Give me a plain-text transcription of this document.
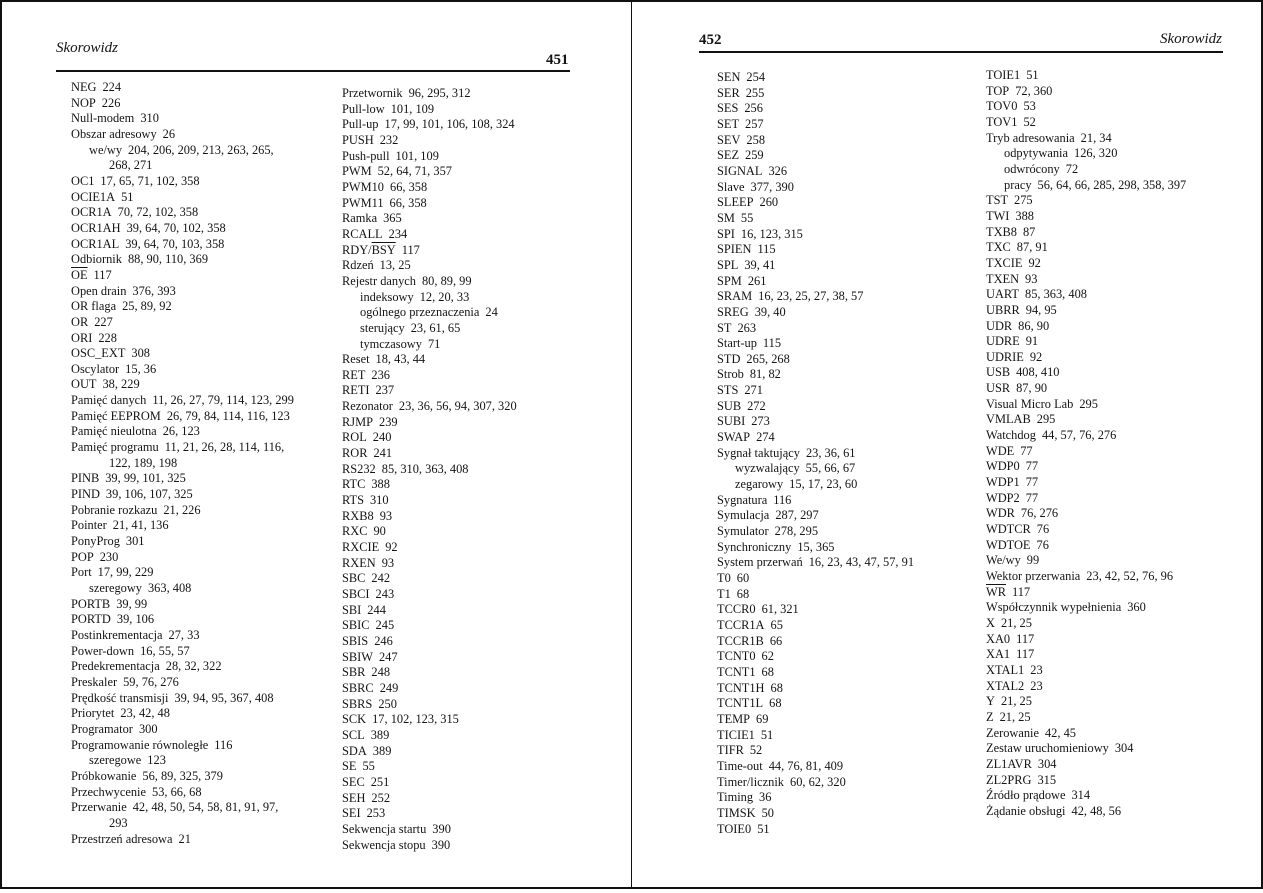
Skorowidz
451
NEG 224
NOP 226
Null-modem 310
Obszar adresowy 26
we/wy 204, 206, 209, 213, 263, 265,
268, 271
OC1 17, 65, 71, 102, 358
OCIE1A 51
OCR1A 70, 72, 102, 358
OCR1AH 39, 64, 70, 102, 358
OCR1AL 39, 64, 70, 103, 358
Odbiornik 88, 90, 110, 369
$\overline{OE}$ 117
Open drain 376, 393
OR flaga 25, 89, 92
OR 227
ORI 228
OSC_EXT 308
Oscylator 15, 36
OUT 38, 229
Pamięć danych 11, 26, 27, 79, 114, 123, 299
Pamięć EEPROM 26, 79, 84, 114, 116, 123
Pamięć nieulotna 26, 123
Pamięć programu 11, 21, 26, 28, 114, 116,
122, 189, 198
PINB 39, 99, 101, 325
PIND 39, 106, 107, 325
Pobranie rozkazu 21, 226
Pointer 21, 41, 136
PonyProg 301
POP 230
Port 17, 99, 229
szeregowy 363, 408
PORTB 39, 99
PORTD 39, 106
Postinkrementacja 27, 33
Power-down 16, 55, 57
Predekrementacja 28, 32, 322
Preskaler 59, 76, 276
Prędkość transmisji 39, 94, 95, 367, 408
Priorytet 23, 42, 48
Programator 300
Programowanie równoległe 116
szeregowe 123
Próbkowanie 56, 89, 325, 379
Przechwycenie 53, 66, 68
Przerwanie 42, 48, 50, 54, 58, 81, 91, 97,
293
Przestrzeń adresowa 21
Przetwornik 96, 295, 312
Pull-low 101, 109
Pull-up 17, 99, 101, 106, 108, 324
PUSH 232
Push-pull 101, 109
PWM 52, 64, 71, 357
PWM10 66, 358
PWM11 66, 358
Ramka 365
RCALL 234
RDY/$\overline{BSY}$ 117
Rdzeń 13, 25
Rejestr danych 80, 89, 99
indeksowy 12, 20, 33
ogólnego przeznaczenia 24
sterujący 23, 61, 65
tymczasowy 71
Reset 18, 43, 44
RET 236
RETI 237
Rezonator 23, 36, 56, 94, 307, 320
RJMP 239
ROL 240
ROR 241
RS232 85, 310, 363, 408
RTC 388
RTS 310
RXB8 93
RXC 90
RXCIE 92
RXEN 93
SBC 242
SBCI 243
SBI 244
SBIC 245
SBIS 246
SBIW 247
SBR 248
SBRC 249
SBRS 250
SCK 17, 102, 123, 315
SCL 389
SDA 389
SE 55
SEC 251
SEH 252
SEI 253
Sekwencja startu 390
Sekwencja stopu 390
452	Skorowidz
SEN 254
SER 255
SES 256
SET 257
SEV 258
SEZ 259
SIGNAL 326
Slave 377, 390
SLEEP 260
SM 55
SPI 16, 123, 315
SPIEN 115
SPL 39, 41
SPM 261
SRAM 16, 23, 25, 27, 38, 57
SREG 39, 40
ST 263
Start-up 115
STD 265, 268
Strob 81, 82
STS 271
SUB 272
SUBI 273
SWAP 274
Sygnał taktujący 23, 36, 61
wyzwalający 55, 66, 67
zegarowy 15, 17, 23, 60
Sygnatura 116
Symulacja 287, 297
Symulator 278, 295
Synchroniczny 15, 365
System przerwań 16, 23, 43, 47, 57, 91
T0 60
T1 68
TCCR0 61, 321
TCCR1A 65
TCCR1B 66
TCNT0 62
TCNT1 68
TCNT1H 68
TCNT1L 68
TEMP 69
TICIE1 51
TIFR 52
Time-out 44, 76, 81, 409
Timer/licznik 60, 62, 320
Timing 36
TIMSK 50
TOIE0 51
TOIE1 51
TOP 72, 360
TOV0 53
TOV1 52
Tryb adresowania 21, 34
odpytywania 126, 320
odwrócony 72
pracy 56, 64, 66, 285, 298, 358, 397
TST 275
TWI 388
TXB8 87
TXC 87, 91
TXCIE 92
TXEN 93
UART 85, 363, 408
UBRR 94, 95
UDR 86, 90
UDRE 91
UDRIE 92
USB 408, 410
USR 87, 90
Visual Micro Lab 295
VMLAB 295
Watchdog 44, 57, 76, 276
WDE 77
WDP0 77
WDP1 77
WDP2 77
WDR 76, 276
WDTCR 76
WDTOE 76
We/wy 99
Wektor przerwania 23, 42, 52, 76, 96
$\overline{WR}$ 117
Współczynnik wypełnienia 360
X 21, 25
XA0 117
XA1 117
XTAL1 23
XTAL2 23
Y 21, 25
Z 21, 25
Zerowanie 42, 45
Zestaw uruchomieniowy 304
ZL1AVR 304
ZL2PRG 315
Źródło prądowe 314
Żądanie obsługi 42, 48, 56
